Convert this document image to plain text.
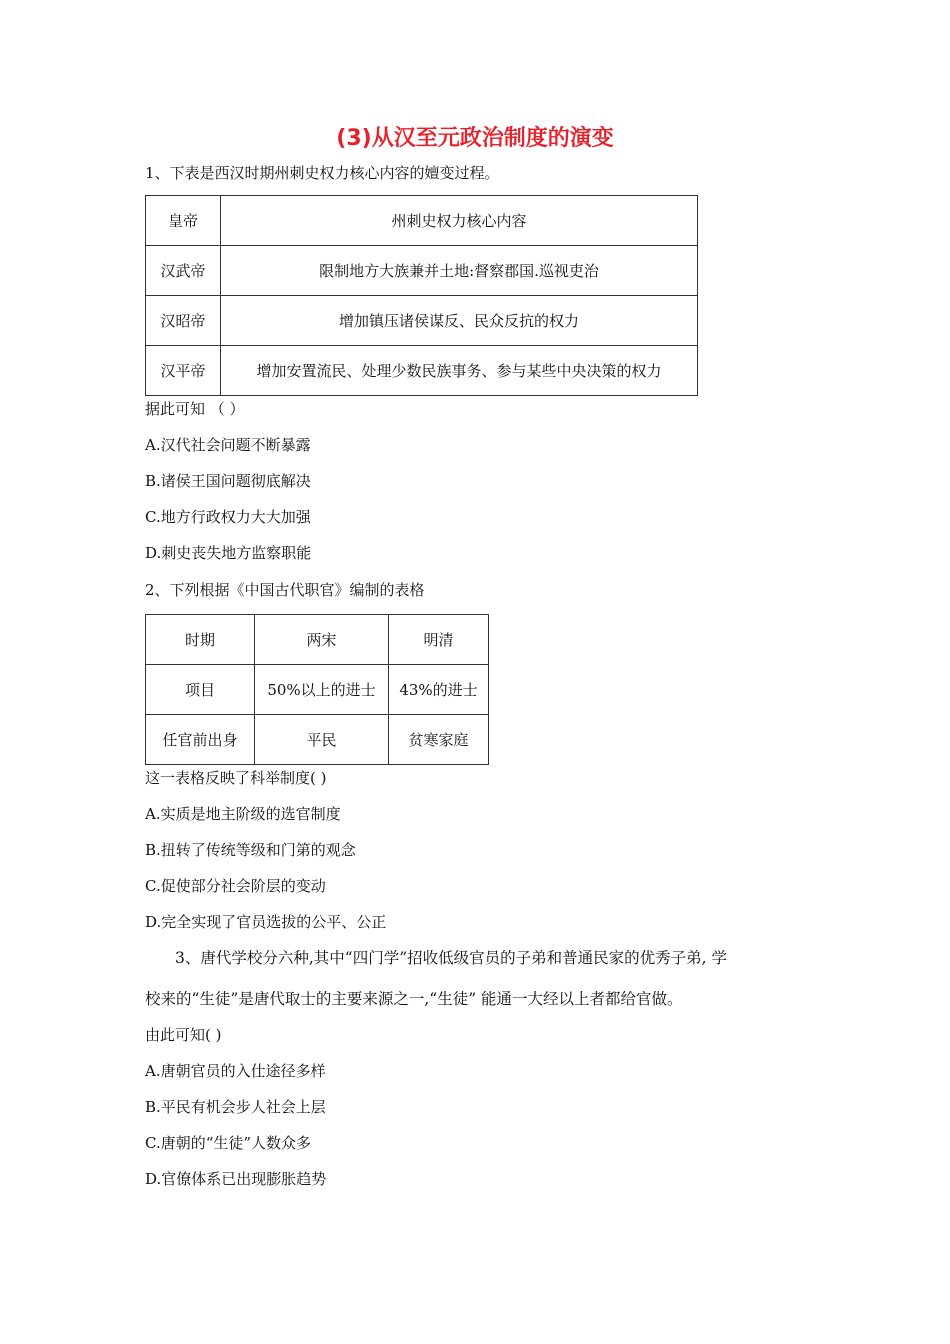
(3)从汉至元政治制度的演变
1、下表是西汉时期州刺史权力核心内容的嬗变过程。
皇帝	州刺史权力核心内容
汉武帝	限制地方大族兼并土地:督察郡国.巡视吏治
汉昭帝	增加镇压诸侯谋反、民众反抗的权力
汉平帝	增加安置流民、处理少数民族事务、参与某些中央决策的权力
据此可知 （ ）
A.汉代社会问题不断暴露
B.诸侯王国问题彻底解决
C.地方行政权力大大加强
D.刺史丧失地方监察职能
2、下列根据《中国古代职官》编制的表格
时期	两宋	明清
项目	50%以上的进士	43%的进士
任官前出身	平民	贫寒家庭
这一表格反映了科举制度( )
A.实质是地主阶级的选官制度
B.扭转了传统等级和门第的观念
C.促使部分社会阶层的变动
D.完全实现了官员选拔的公平、公正
3、唐代学校分六种,其中“四门学”招收低级官员的子弟和普通民家的优秀子弟, 学
校来的“生徒”是唐代取士的主要来源之一,“生徒” 能通一大经以上者都给官做。
由此可知( )
A.唐朝官员的入仕途径多样
B.平民有机会步人社会上层
C.唐朝的“生徒”人数众多
D.官僚体系已出现膨胀趋势
